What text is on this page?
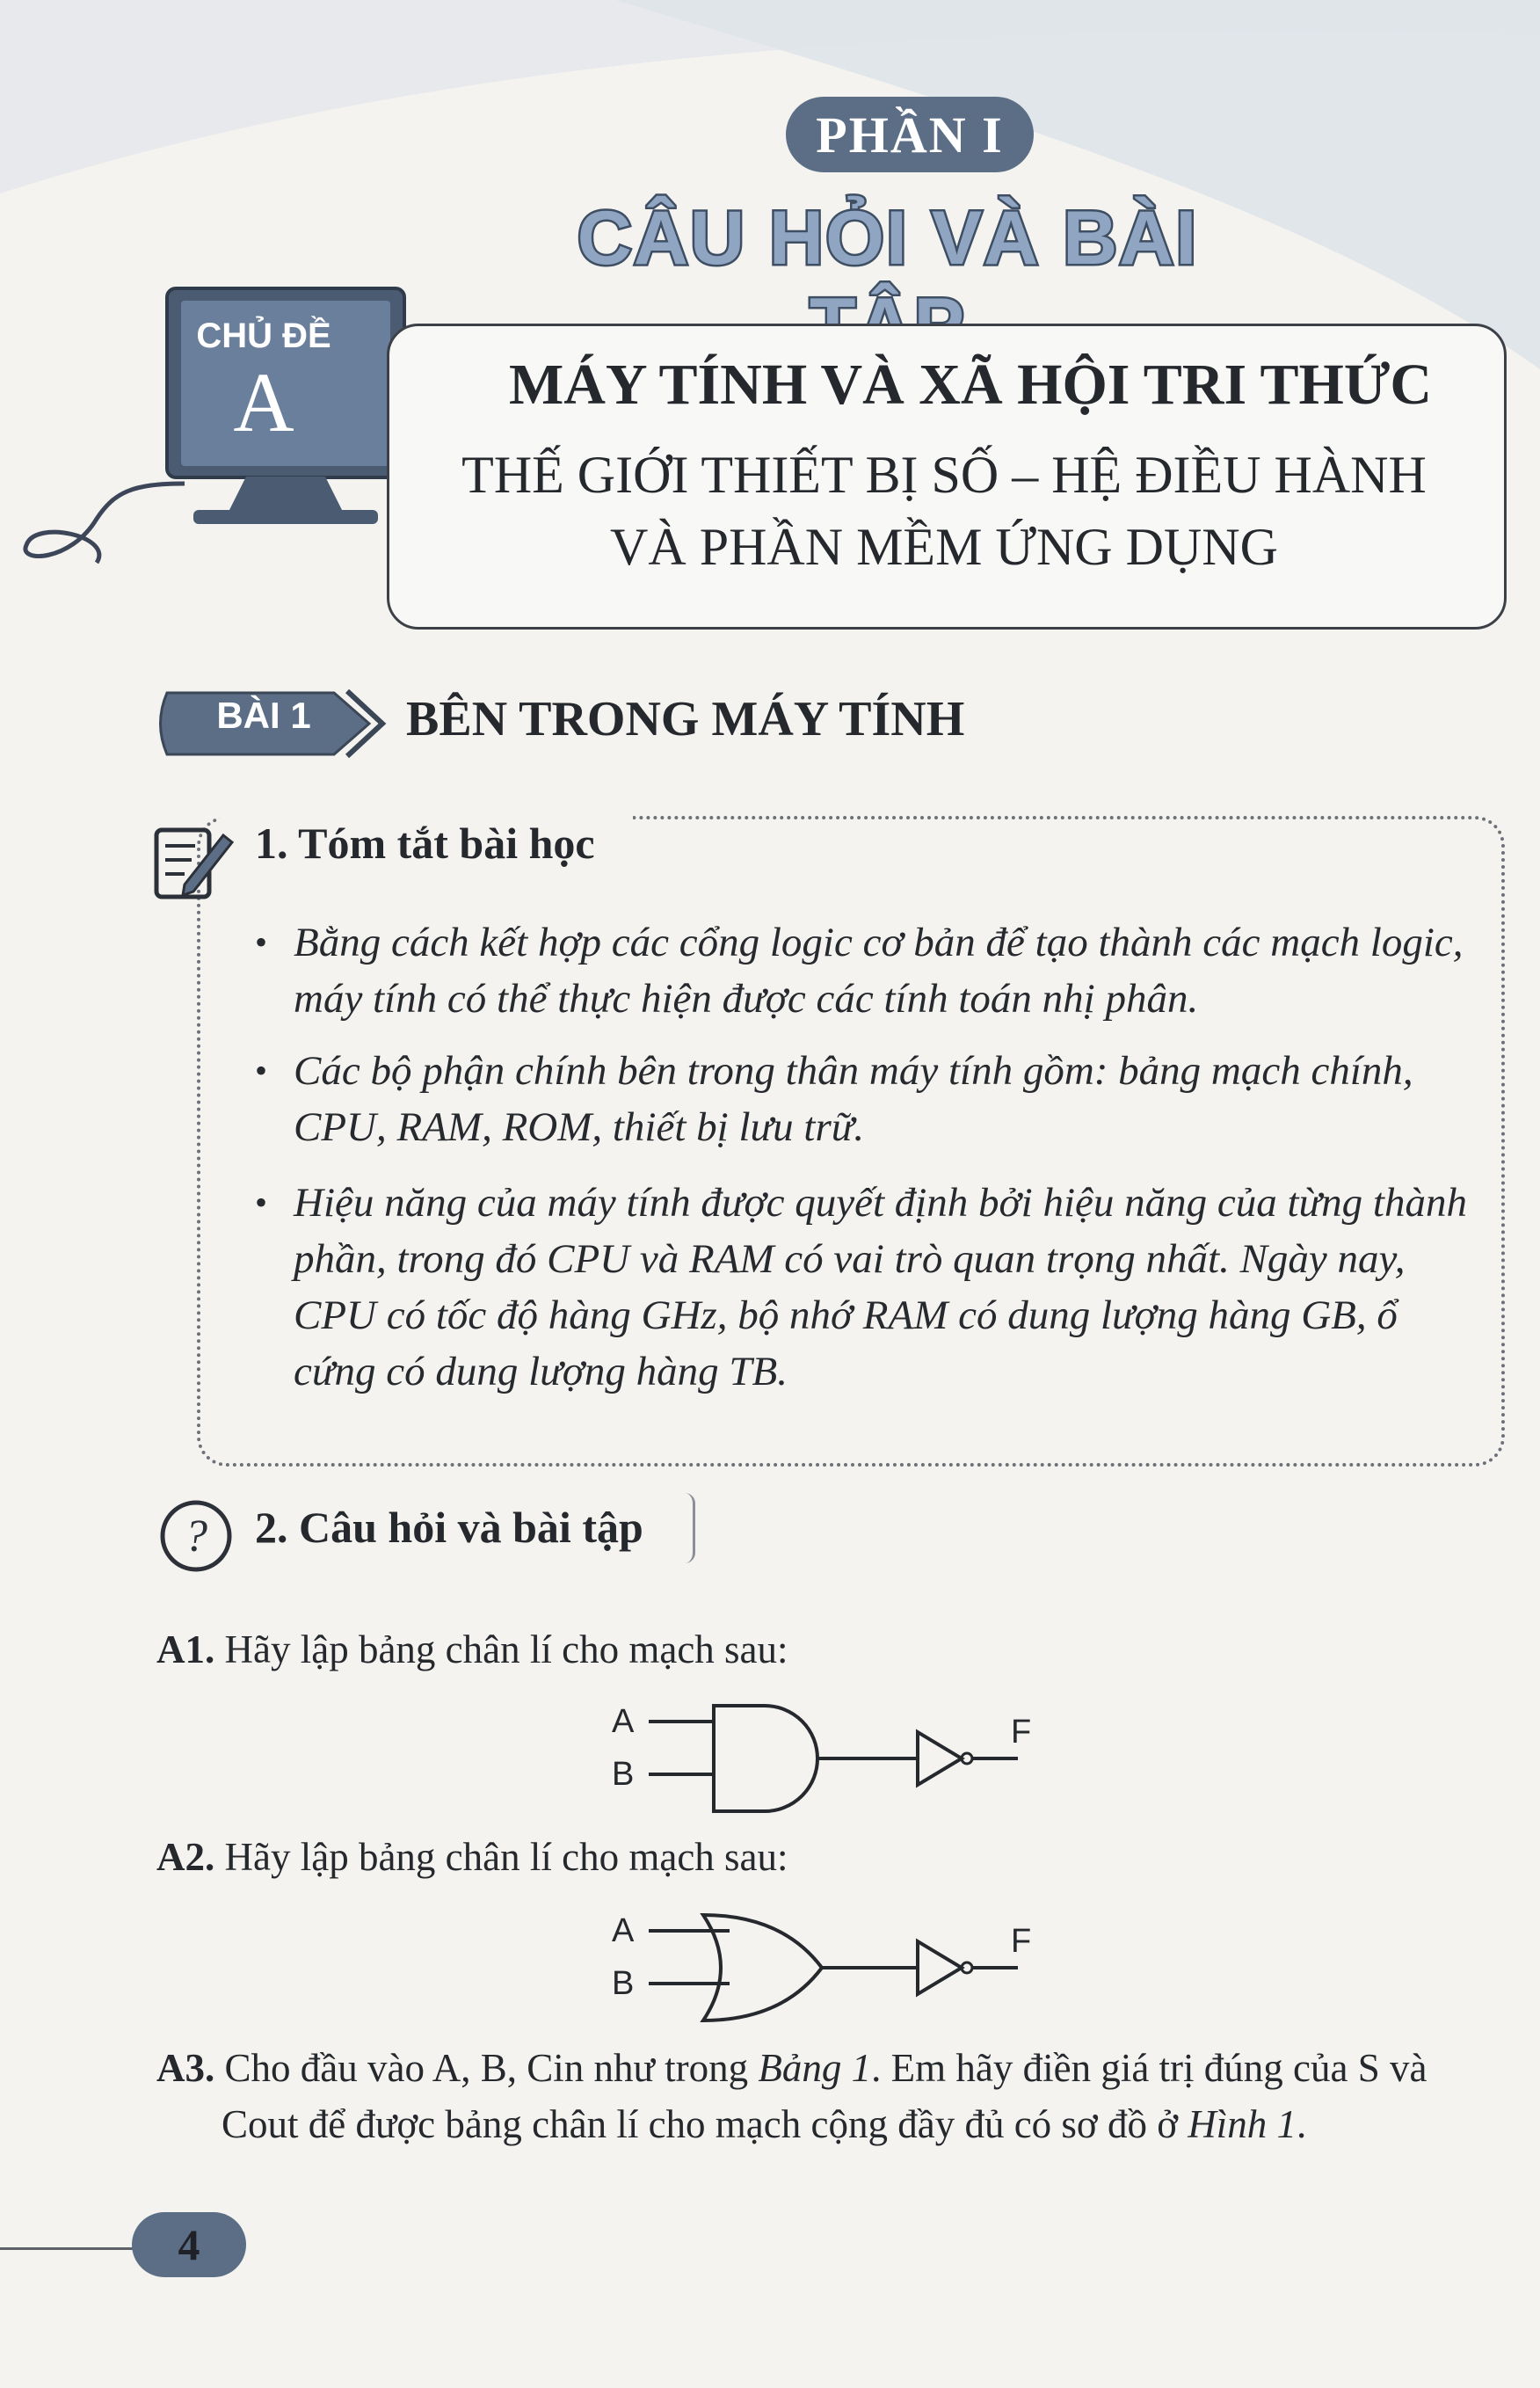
PHẦN I
CÂU HỎI VÀ BÀI
CHỦ ĐỀ
A	MÁY TÍNH VÀ XÃ HỘI TRI THỨC
THẾ GIỚI THIẾT BỊ SỐ – HỆ ĐIỀU HÀNH
VÀ PHẦN MỀM ỨNG DỤNG
BÀI 1	BÊN TRONG MÁY TÍNH
1. Tóm tắt bài học
• Bằng cách kết hợp các cổng logic cơ bản để tạo thành các mạch logic, máy tính có thể thực hiện được các tính toán nhị phân.
• Các bộ phận chính bên trong thân máy tính gồm: bảng mạch chính, CPU, RAM, ROM, thiết bị lưu trữ.
• Hiệu năng của máy tính được quyết định bởi hiệu năng của từng thành phần, trong đó CPU và RAM có vai trò quan trọng nhất. Ngày nay, CPU có tốc độ hàng GHz, bộ nhớ RAM có dung lượng hàng GB, ổ cứng có dung lượng hàng TB.
? 2. Câu hỏi và bài tập
A1. Hãy lập bảng chân lí cho mạch sau:
A
B
F
A2. Hãy lập bảng chân lí cho mạch sau:
A
B
F
A3. Cho đầu vào A, B, Cin như trong Bảng 1. Em hãy điền giá trị đúng của S và
Cout để được bảng chân lí cho mạch cộng đầy đủ có sơ đồ ở Hình 1.
4
